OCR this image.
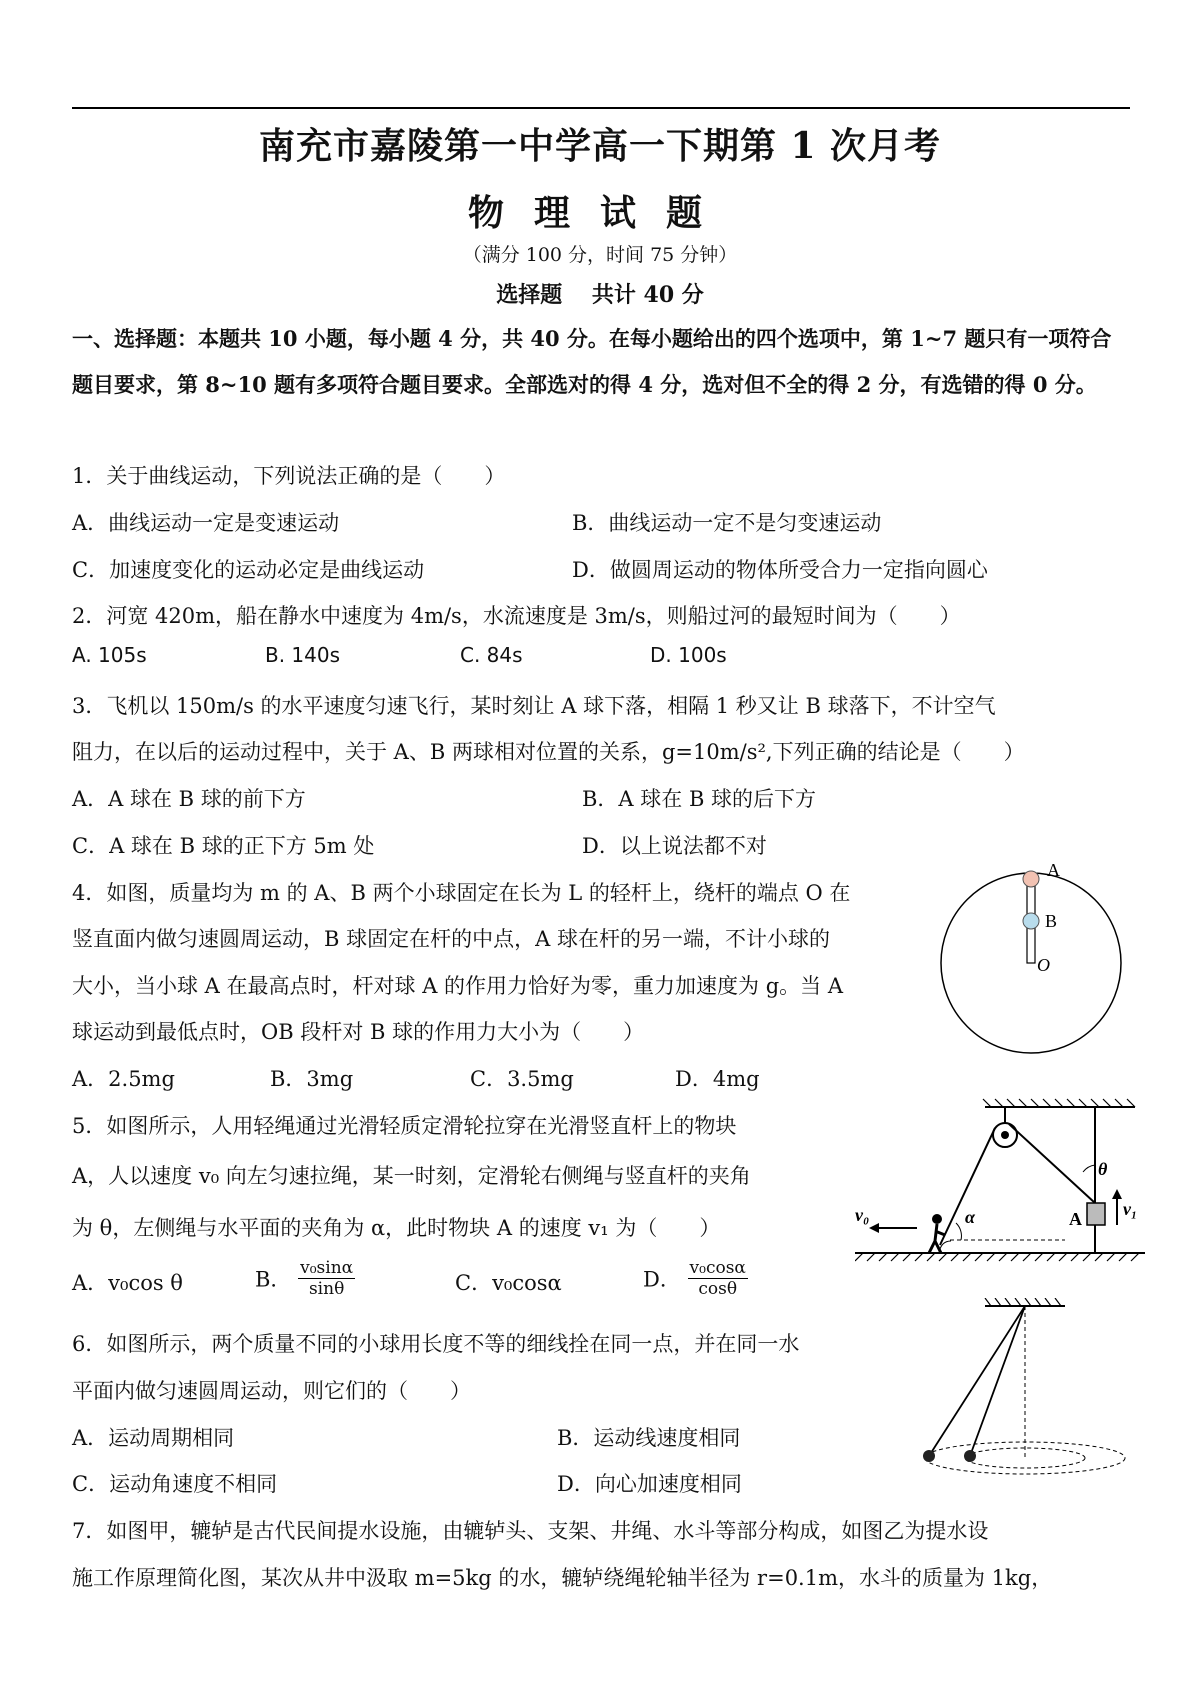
南充市嘉陵第一中学高一下期第 1 次月考
物理试题
（满分 100 分，时间 75 分钟）
选择题　 共计 40 分
一、选择题：本题共 10 小题，每小题 4 分，共 40 分。在每小题给出的四个选项中，第 1~7 题只有一项符合题目要求，第 8~10 题有多项符合题目要求。全部选对的得 4 分，选对但不全的得 2 分，有选错的得 0 分。
1．关于曲线运动，下列说法正确的是（　　）
A．曲线运动一定是变速运动	B．曲线运动一定不是匀变速运动
C．加速度变化的运动必定是曲线运动	D．做圆周运动的物体所受合力一定指向圆心
2．河宽 420m，船在静水中速度为 4m/s，水流速度是 3m/s，则船过河的最短时间为（　　）
A. 105s	B. 140s	C. 84s	D. 100s
3．飞机以 150m/s 的水平速度匀速飞行，某时刻让 A 球下落，相隔 1 秒又让 B 球落下，不计空气
阻力，在以后的运动过程中，关于 A、B 两球相对位置的关系，g=10m/s²,下列正确的结论是（　　）
A．A 球在 B 球的前下方	B．A 球在 B 球的后下方
C．A 球在 B 球的正下方 5m 处	D．以上说法都不对
4．如图，质量均为 m 的 A、B 两个小球固定在长为 L 的轻杆上，绕杆的端点 O 在
竖直面内做匀速圆周运动，B 球固定在杆的中点，A 球在杆的另一端，不计小球的
大小，当小球 A 在最高点时，杆对球 A 的作用力恰好为零，重力加速度为 g。当 A
球运动到最低点时，OB 段杆对 B 球的作用力大小为（　　）
A．2.5mg	B．3mg	C．3.5mg	D．4mg
A
B
O
5．如图所示，人用轻绳通过光滑轻质定滑轮拉穿在光滑竖直杆上的物块
A，人以速度 v₀ 向左匀速拉绳，某一时刻，定滑轮右侧绳与竖直杆的夹角
为 θ，左侧绳与水平面的夹角为 α，此时物块 A 的速度 v₁ 为（　　）
A．v₀cos θ	B． $\frac{\text{v₀sinα}}{\sin\theta}$	C．v₀cosα	D． $\frac{\text{v₀cosα}}{\cos\theta}$
v₀	α
θ
A v₁
6．如图所示，两个质量不同的小球用长度不等的细线拴在同一点，并在同一水
平面内做匀速圆周运动，则它们的（　　）
A．运动周期相同	B．运动线速度相同
C．运动角速度不相同	D．向心加速度相同
7．如图甲，辘轳是古代民间提水设施，由辘轳头、支架、井绳、水斗等部分构成，如图乙为提水设
施工作原理简化图，某次从井中汲取 m=5kg 的水，辘轳绕绳轮轴半径为 r=0.1m，水斗的质量为 1kg，
